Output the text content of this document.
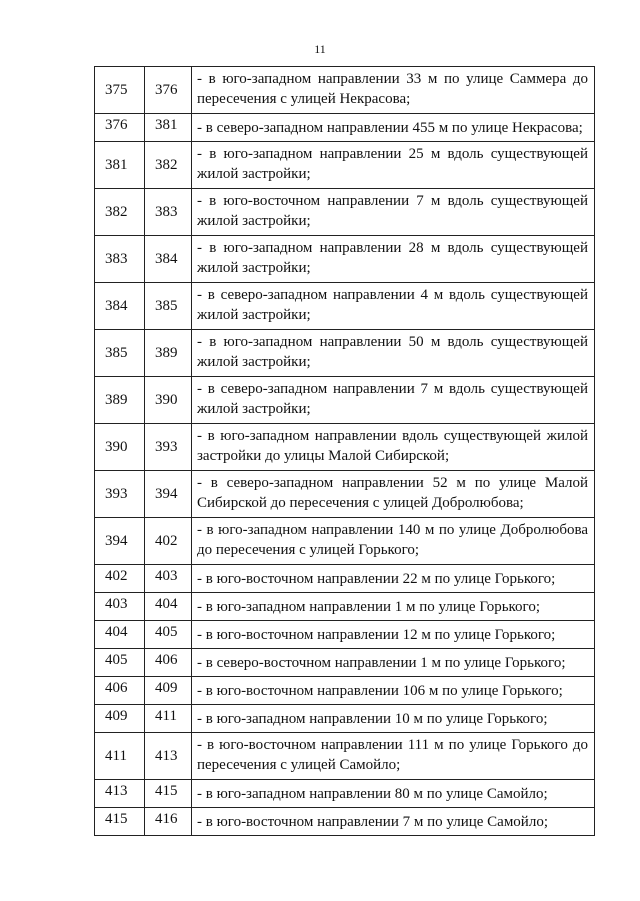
11
375	376	- в юго-западном направлении 33 м по улице Саммера до пересечения с улицей Некрасова;
376	381	- в северо-западном направлении 455 м по улице Некрасова;
381	382	- в юго-западном направлении 25 м вдоль существующей жилой застройки;
382	383	- в юго-восточном направлении 7 м вдоль существующей жилой застройки;
383	384	- в юго-западном направлении 28 м вдоль существующей жилой застройки;
384	385	- в северо-западном направлении 4 м вдоль существующей жилой застройки;
385	389	- в юго-западном направлении 50 м вдоль существующей жилой застройки;
389	390	- в северо-западном направлении 7 м вдоль существующей жилой застройки;
390	393	- в юго-западном направлении вдоль существующей жилой застройки до улицы Малой Сибирской;
393	394	- в северо-западном направлении 52 м по улице Малой Сибирской до пересечения с улицей Добролюбова;
394	402	- в юго-западном направлении 140 м по улице Добролюбова до пересечения с улицей Горького;
402	403	- в юго-восточном направлении 22 м по улице Горького;
403	404	- в юго-западном направлении 1 м по улице Горького;
404	405	- в юго-восточном направлении 12 м по улице Горького;
405	406	- в северо-восточном направлении 1 м по улице Горького;
406	409	- в юго-восточном направлении 106 м по улице Горького;
409	411	- в юго-западном направлении 10 м по улице Горького;
411	413	- в юго-восточном направлении 111 м по улице Горького до пересечения с улицей Самойло;
413	415	- в юго-западном направлении 80 м по улице Самойло;
415	416	- в юго-восточном направлении 7 м по улице Самойло;
